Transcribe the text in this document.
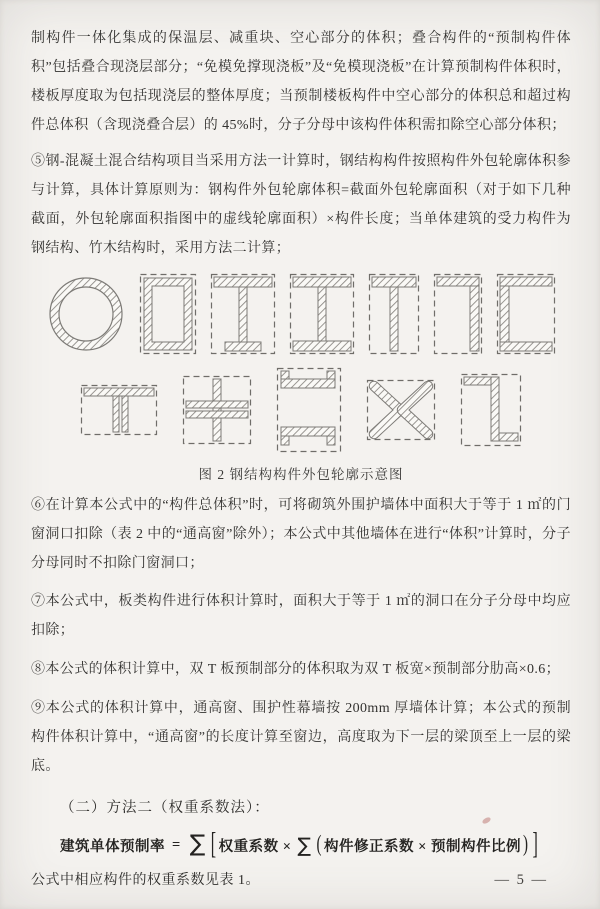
制构件一体化集成的保温层、减重块、空心部分的体积；叠合构件的“预制构件体积”包括叠合现浇层部分；“免模免撑现浇板”及“免模现浇板”在计算预制构件体积时，楼板厚度取为包括现浇层的整体厚度；当预制楼板构件中空心部分的体积总和超过构件总体积（含现浇叠合层）的 45%时，分子分母中该构件体积需扣除空心部分体积；

⑤钢-混凝土混合结构项目当采用方法一计算时，钢结构构件按照构件外包轮廓体积参与计算，具体计算原则为：钢构件外包轮廓体积=截面外包轮廓面积（对于如下几种截面，外包轮廓面积指图中的虚线轮廓面积）×构件长度；当单体建筑的受力构件为钢结构、竹木结构时，采用方法二计算；

图 2 钢结构构件外包轮廓示意图

⑥在计算本公式中的“构件总体积”时，可将砌筑外围护墙体中面积大于等于 1 ㎡的门窗洞口扣除（表 2 中的“通高窗”除外）；本公式中其他墙体在进行“体积”计算时，分子分母同时不扣除门窗洞口；

⑦本公式中，板类构件进行体积计算时，面积大于等于 1 ㎡的洞口在分子分母中均应扣除；

⑧本公式的体积计算中，双 T 板预制部分的体积取为双 T 板宽×预制部分肋高×0.6；

⑨本公式的体积计算中，通高窗、围护性幕墙按 200mm 厚墙体计算；本公式的预制构件体积计算中，“通高窗”的长度计算至窗边，高度取为下一层的梁顶至上一层的梁底。

（二）方法二（权重系数法）：

建筑单体预制率 = ∑ [ 权重系数 × ∑ ( 构件修正系数 × 预制构件比例 ) ]

公式中相应构件的权重系数见表 1。	— 5 —
